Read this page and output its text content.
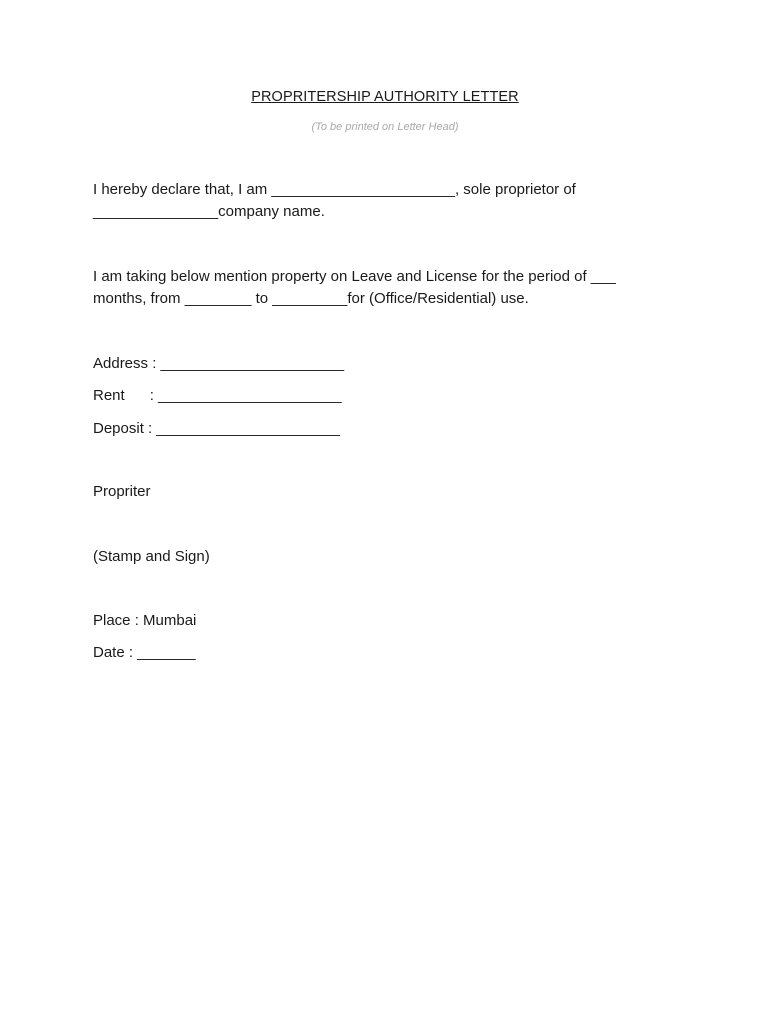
PROPRITERSHIP AUTHORITY LETTER
(To be printed on Letter Head)

I hereby declare that, I am ______________________, sole proprietor of

_______________company name.

I am taking below mention property on Leave and License for the period of ___

months, from ________ to _________for (Office/Residential) use.

Address : ______________________
Rent      : ______________________
Deposit : ______________________
Propriter
(Stamp and Sign)
Place : Mumbai
Date : _______
